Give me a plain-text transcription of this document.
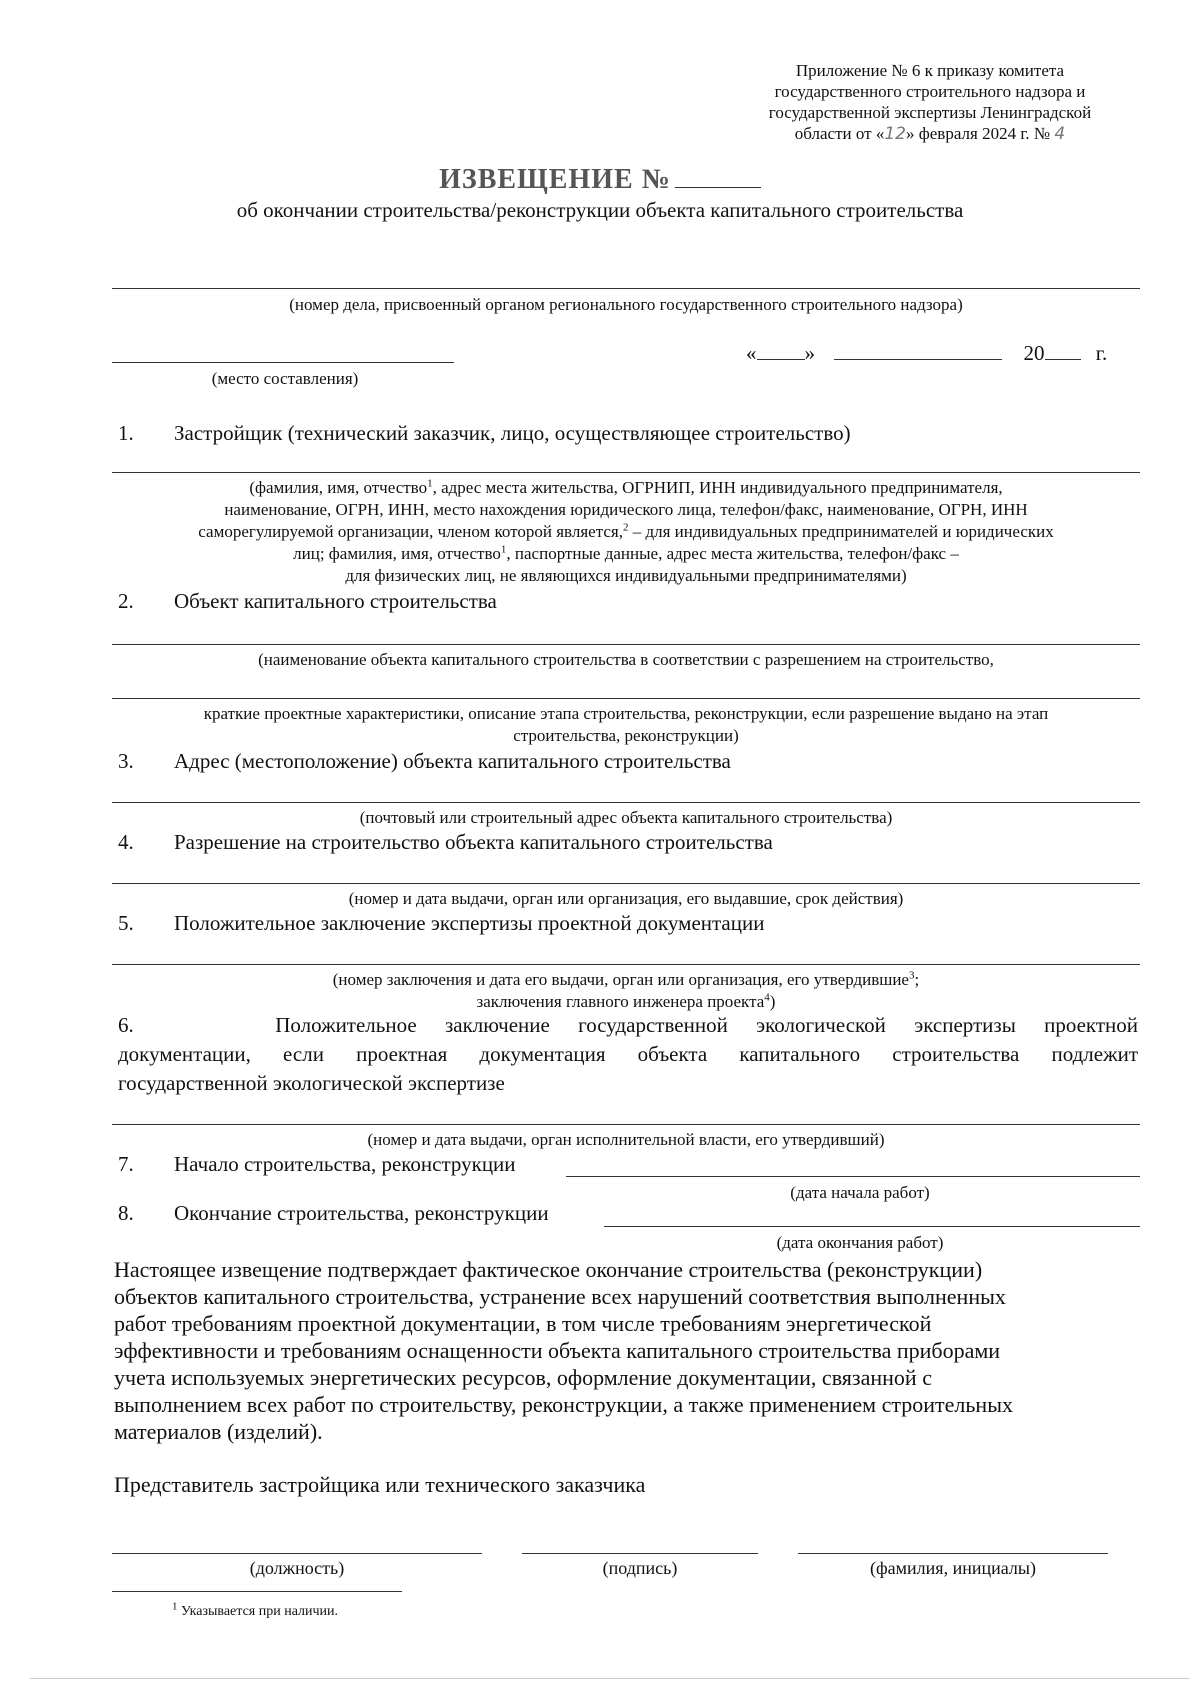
Приложение № 6 к приказу комитета
государственного строительного надзора и
государственной экспертизы Ленинградской
области от «12» февраля 2024 г. № 4
ИЗВЕЩЕНИЕ №
об окончании строительства/реконструкции объекта капитального строительства
(номер дела, присвоенный органом регионального государственного строительного надзора)
(место составления)
« »	20 г.
1. Застройщик (технический заказчик, лицо, осуществляющее строительство)
(фамилия, имя, отчество$^1$, адрес места жительства, ОГРНИП, ИНН индивидуального предпринимателя,
наименование, ОГРН, ИНН, место нахождения юридического лица, телефон/факс, наименование, ОГРН, ИНН
саморегулируемой организации, членом которой является,$^2$ – для индивидуальных предпринимателей и юридических
лиц; фамилия, имя, отчество$^1$, паспортные данные, адрес места жительства, телефон/факс –
для физических лиц, не являющихся индивидуальными предпринимателями)
2. Объект капитального строительства
(наименование объекта капитального строительства в соответствии с разрешением на строительство,
краткие проектные характеристики, описание этапа строительства, реконструкции, если разрешение выдано на этап
строительства, реконструкции)
3. Адрес (местоположение) объекта капитального строительства
(почтовый или строительный адрес объекта капитального строительства)
4. Разрешение на строительство объекта капитального строительства
(номер и дата выдачи, орган или организация, его выдавшие, срок действия)
5. Положительное заключение экспертизы проектной документации
(номер заключения и дата его выдачи, орган или организация, его утвердившие$^3$;
заключения главного инженера проекта$^4$)
6.	Положительное заключение государственной экологической экспертизы проектной
документации, если проектная документация объекта капитального строительства подлежит
государственной экологической экспертизе
(номер и дата выдачи, орган исполнительной власти, его утвердивший)
7. Начало строительства, реконструкции
(дата начала работ)
8. Окончание строительства, реконструкции
(дата окончания работ)
Настоящее извещение подтверждает фактическое окончание строительства (реконструкции)
объектов капитального строительства, устранение всех нарушений соответствия выполненных
работ требованиям проектной документации, в том числе требованиям энергетической
эффективности и требованиям оснащенности объекта капитального строительства приборами
учета используемых энергетических ресурсов, оформление документации, связанной с
выполнением всех работ по строительству, реконструкции, а также применением строительных
материалов (изделий).
Представитель застройщика или технического заказчика
(должность)	(подпись)	(фамилия, инициалы)
$^1$ Указывается при наличии.
